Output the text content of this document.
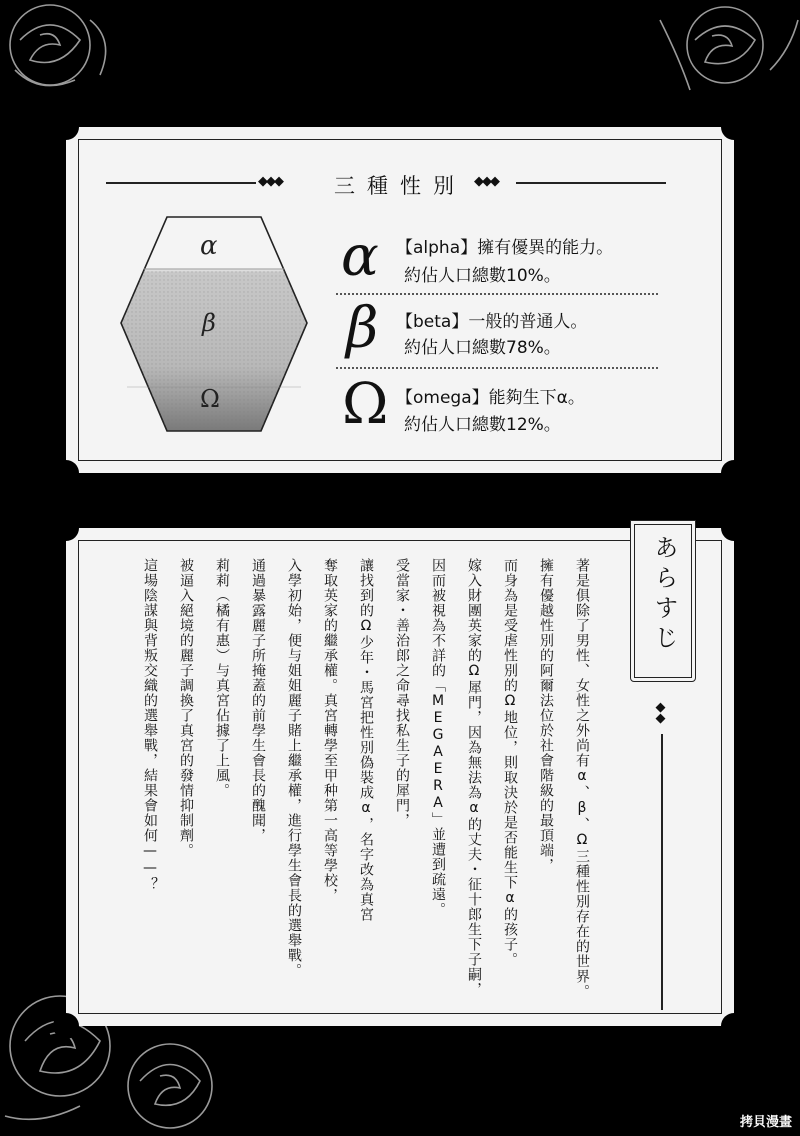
◆◆◆	三種性別 ◆◆◆
α
β
Ω
α 【alpha】擁有優異的能力。
約佔人口總數10%。
β 【beta】一般的普通人。
約佔人口總數78%。
Ω 【omega】能夠生下α。
約佔人口總數12%。
あらすじ
◆◆
著是俱除了男性、女性之外尚有α、β、Ω三種性別存在的世界。
擁有優越性別的阿爾法位於社會階級的最頂端，
而身為是受虐性別的Ω地位，則取決於是否能生下α的孩子。
嫁入財團英家的Ω犀門，因為無法為α的丈夫・征十郎生下子嗣，
因而被視為不詳的「MEGAERA」並遭到疏遠。
受當家・善治郎之命尋找私生子的犀門，
讓找到的Ω少年・馬宮把性別偽裝成α，名字改為真宮
奪取英家的繼承權。真宮轉學至甲种第一高等學校，
入學初始，便与姐姐麗子賭上繼承權，進行學生會長的選舉戰。
通過暴露麗子所掩蓋的前學生會長的醜聞，
莉莉（橘有惠）与真宮佔據了上風。
被逼入絕境的麗子調換了真宮的發情抑制劑。
這場陰謀與背叛交織的選舉戰，結果會如何——？
拷貝漫畫
